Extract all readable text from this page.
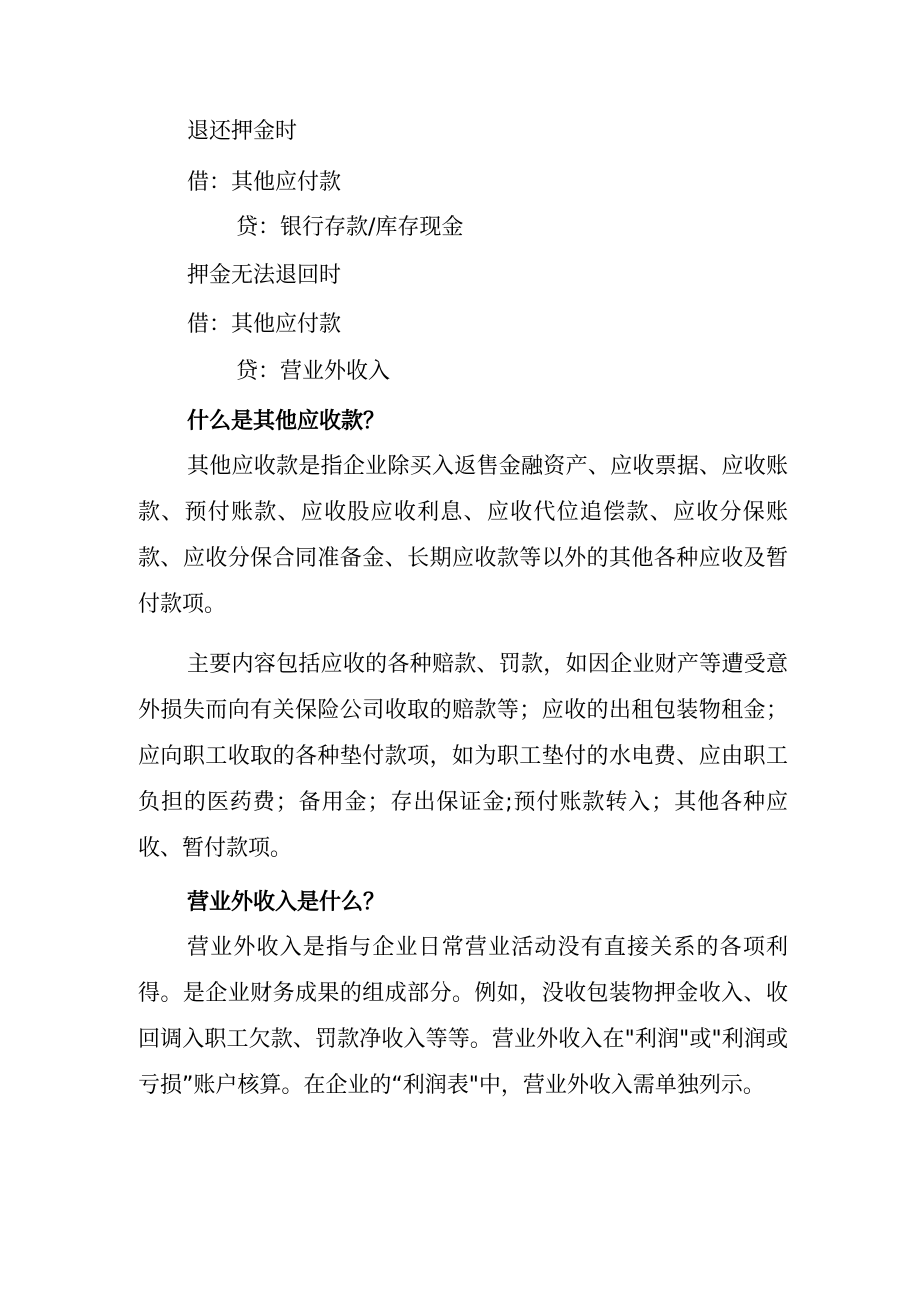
退还押金时
借：其他应付款
贷：银行存款/库存现金
押金无法退回时
借：其他应付款
贷：营业外收入
什么是其他应收款？

其他应收款是指企业除买入返售金融资产、应收票据、应收账款、预付账款、应收股应收利息、应收代位追偿款、应收分保账款、应收分保合同准备金、长期应收款等以外的其他各种应收及暂付款项。

主要内容包括应收的各种赔款、罚款，如因企业财产等遭受意外损失而向有关保险公司收取的赔款等；应收的出租包装物租金；应向职工收取的各种垫付款项，如为职工垫付的水电费、应由职工负担的医药费；备用金；存出保证金;预付账款转入；其他各种应收、暂付款项。

营业外收入是什么？

营业外收入是指与企业日常营业活动没有直接关系的各项利得。是企业财务成果的组成部分。例如，没收包装物押金收入、收回调入职工欠款、罚款净收入等等。营业外收入在"利润"或"利润或亏损”账户核算。在企业的“利润表"中，营业外收入需单独列示。
